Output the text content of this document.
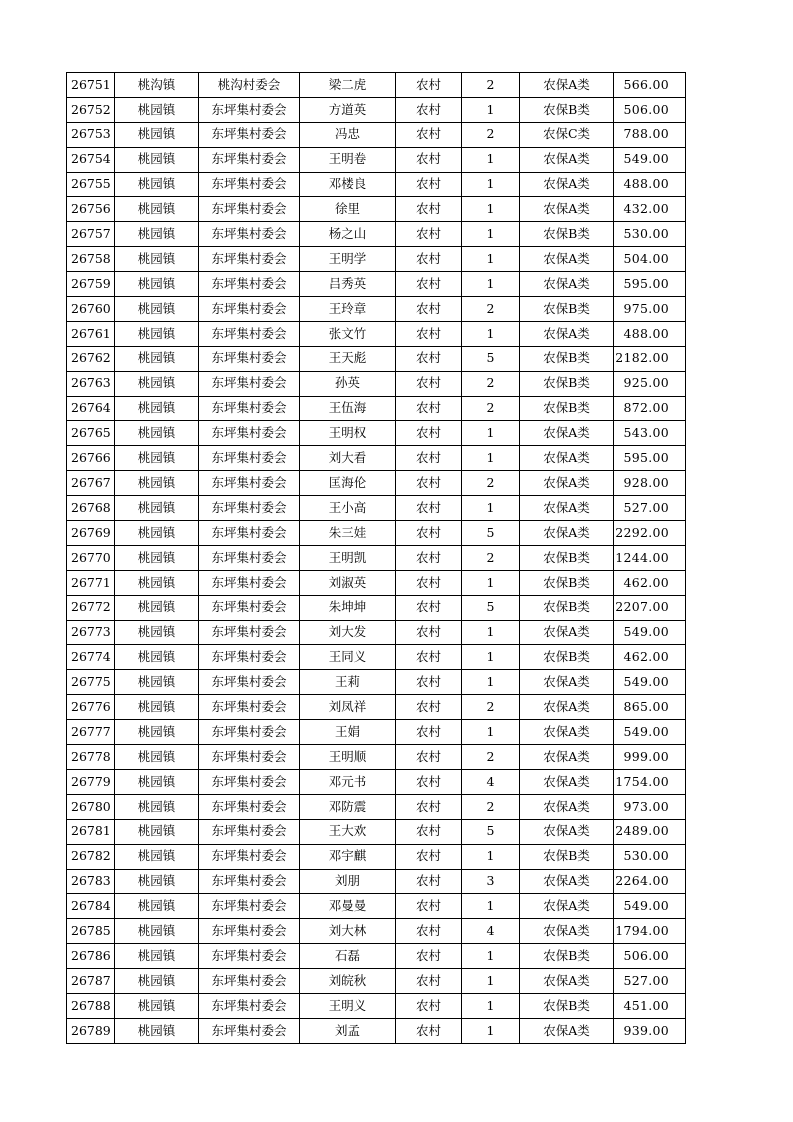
26751	桃沟镇	桃沟村委会	梁二虎	农村	2	农保A类	566.00
26752	桃园镇	东坪集村委会	方道英	农村	1	农保B类	506.00
26753	桃园镇	东坪集村委会	冯忠	农村	2	农保C类	788.00
26754	桃园镇	东坪集村委会	王明卷	农村	1	农保A类	549.00
26755	桃园镇	东坪集村委会	邓楼良	农村	1	农保A类	488.00
26756	桃园镇	东坪集村委会	徐里	农村	1	农保A类	432.00
26757	桃园镇	东坪集村委会	杨之山	农村	1	农保B类	530.00
26758	桃园镇	东坪集村委会	王明学	农村	1	农保A类	504.00
26759	桃园镇	东坪集村委会	吕秀英	农村	1	农保A类	595.00
26760	桃园镇	东坪集村委会	王玲章	农村	2	农保B类	975.00
26761	桃园镇	东坪集村委会	张文竹	农村	1	农保A类	488.00
26762	桃园镇	东坪集村委会	王天彪	农村	5	农保B类	2182.00
26763	桃园镇	东坪集村委会	孙英	农村	2	农保B类	925.00
26764	桃园镇	东坪集村委会	王伍海	农村	2	农保B类	872.00
26765	桃园镇	东坪集村委会	王明权	农村	1	农保A类	543.00
26766	桃园镇	东坪集村委会	刘大看	农村	1	农保A类	595.00
26767	桃园镇	东坪集村委会	匡海伦	农村	2	农保A类	928.00
26768	桃园镇	东坪集村委会	王小高	农村	1	农保A类	527.00
26769	桃园镇	东坪集村委会	朱三娃	农村	5	农保A类	2292.00
26770	桃园镇	东坪集村委会	王明凯	农村	2	农保B类	1244.00
26771	桃园镇	东坪集村委会	刘淑英	农村	1	农保B类	462.00
26772	桃园镇	东坪集村委会	朱坤坤	农村	5	农保B类	2207.00
26773	桃园镇	东坪集村委会	刘大发	农村	1	农保A类	549.00
26774	桃园镇	东坪集村委会	王同义	农村	1	农保B类	462.00
26775	桃园镇	东坪集村委会	王莉	农村	1	农保A类	549.00
26776	桃园镇	东坪集村委会	刘凤祥	农村	2	农保A类	865.00
26777	桃园镇	东坪集村委会	王娟	农村	1	农保A类	549.00
26778	桃园镇	东坪集村委会	王明顺	农村	2	农保A类	999.00
26779	桃园镇	东坪集村委会	邓元书	农村	4	农保A类	1754.00
26780	桃园镇	东坪集村委会	邓防震	农村	2	农保A类	973.00
26781	桃园镇	东坪集村委会	王大欢	农村	5	农保A类	2489.00
26782	桃园镇	东坪集村委会	邓宇麒	农村	1	农保B类	530.00
26783	桃园镇	东坪集村委会	刘朋	农村	3	农保A类	2264.00
26784	桃园镇	东坪集村委会	邓曼曼	农村	1	农保A类	549.00
26785	桃园镇	东坪集村委会	刘大林	农村	4	农保A类	1794.00
26786	桃园镇	东坪集村委会	石磊	农村	1	农保B类	506.00
26787	桃园镇	东坪集村委会	刘皖秋	农村	1	农保A类	527.00
26788	桃园镇	东坪集村委会	王明义	农村	1	农保B类	451.00
26789	桃园镇	东坪集村委会	刘孟	农村	1	农保A类	939.00
